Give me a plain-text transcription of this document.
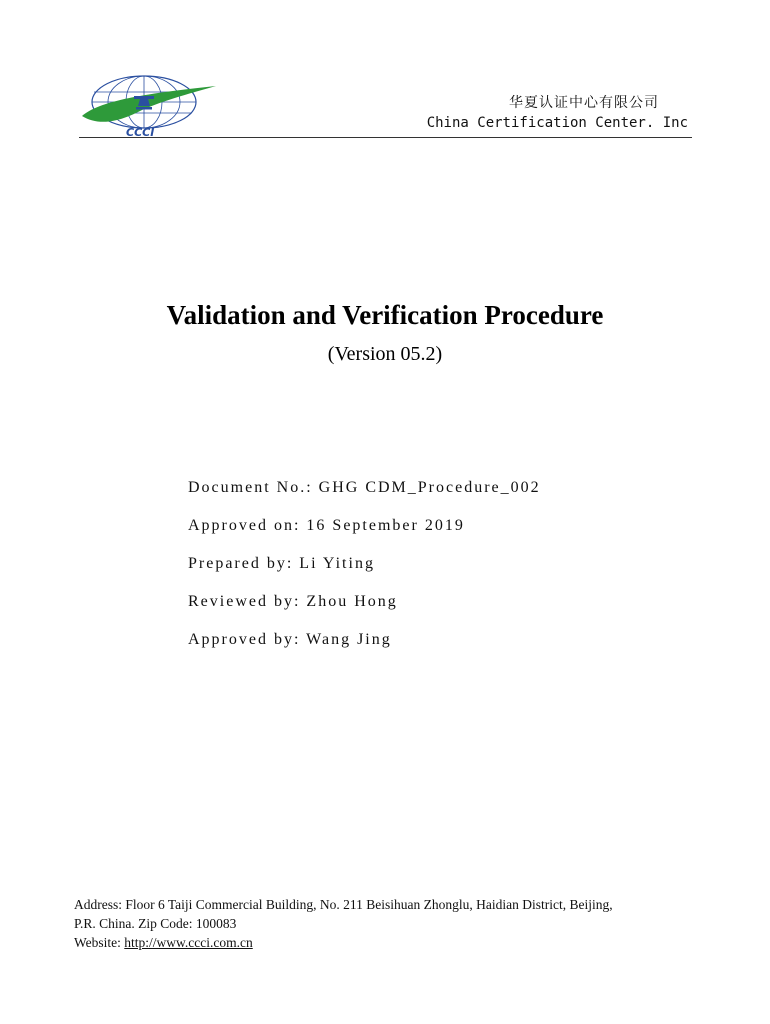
CCCI
华夏认证中心有限公司
China Certification Center. Inc
Validation and Verification Procedure
(Version 05.2)
Document No.: GHG CDM_Procedure_002
Approved on: 16 September 2019
Prepared by: Li Yiting
Reviewed by: Zhou Hong
Approved by: Wang Jing
Address: Floor 6 Taiji Commercial Building, No. 211 Beisihuan Zhonglu, Haidian District, Beijing,
P.R. China. Zip Code: 100083
Website: http://www.ccci.com.cn
